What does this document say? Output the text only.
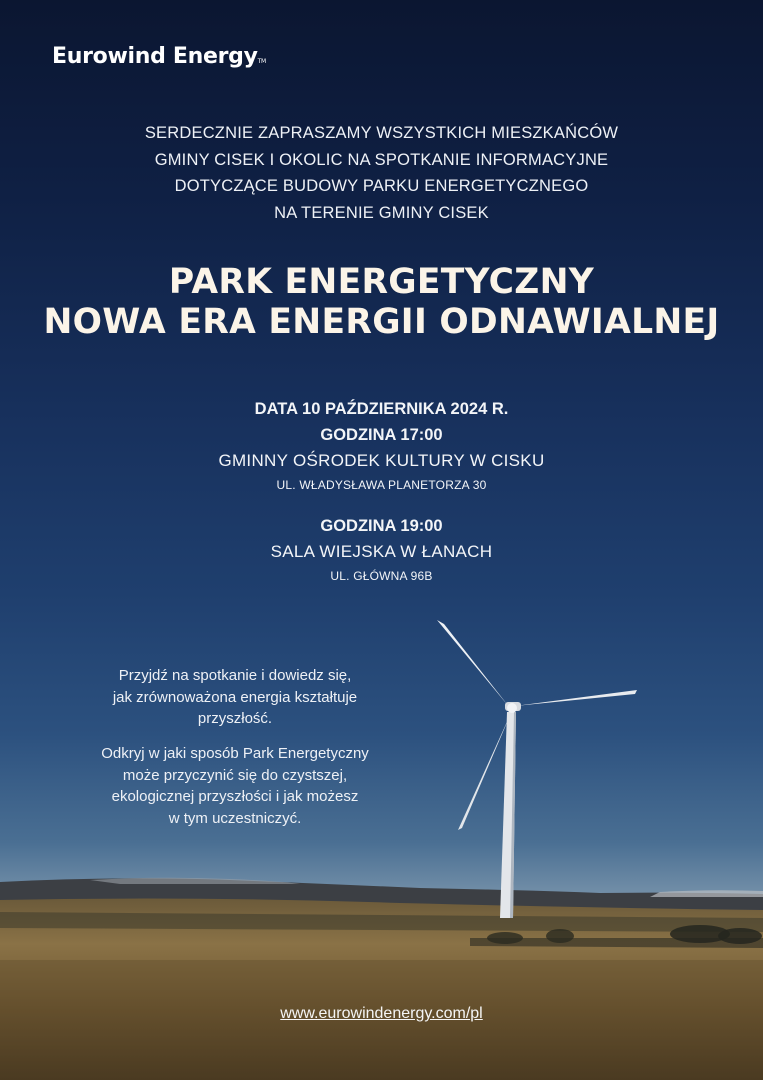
Eurowind EnergyTM
SERDECZNIE ZAPRASZAMY WSZYSTKICH MIESZKAŃCÓW
GMINY CISEK I OKOLIC NA SPOTKANIE INFORMACYJNE
DOTYCZĄCE BUDOWY PARKU ENERGETYCZNEGO
NA TERENIE GMINY CISEK
PARK ENERGETYCZNY
NOWA ERA ENERGII ODNAWIALNEJ
DATA 10 PAŹDZIERNIKA 2024 R.
GODZINA 17:00
GMINNY OŚRODEK KULTURY W CISKU
UL. WŁADYSŁAWA PLANETORZA 30
GODZINA 19:00
SALA WIEJSKA W ŁANACH
UL. GŁÓWNA 96B
Przyjdź na spotkanie i dowiedz się,
jak zrównoważona energia kształtuje
przyszłość.
Odkryj w jaki sposób Park Energetyczny
może przyczynić się do czystszej,
ekologicznej przyszłości i jak możesz
w tym uczestniczyć.
www.eurowindenergy.com/pl
